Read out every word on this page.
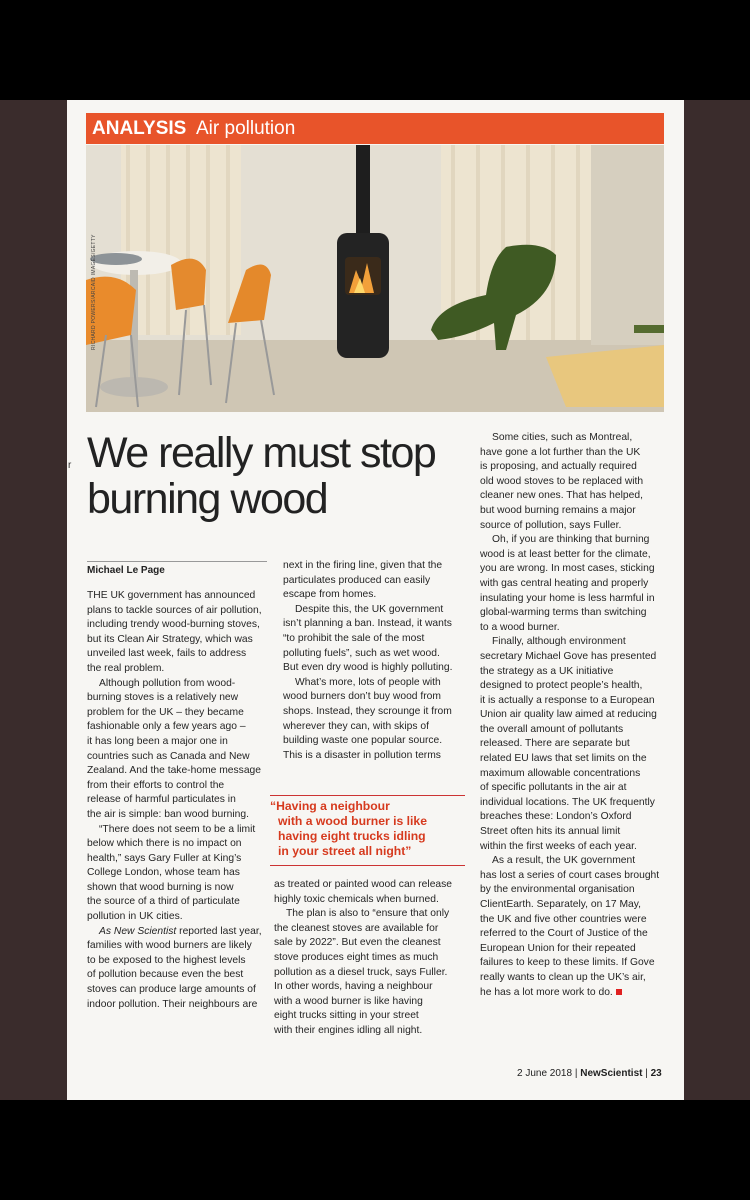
ANALYSIS Air pollution
RICHARD POWERS/ARCAID IMAGES/GETTY
r We really must stop
burning wood

Michael Le Page

THE UK government has announced

plans to tackle sources of air pollution,

including trendy wood-burning stoves,

but its Clean Air Strategy, which was

unveiled last week, fails to address

the real problem.

Although pollution from wood-

burning stoves is a relatively new

problem for the UK – they became

fashionable only a few years ago –

it has long been a major one in

countries such as Canada and New

Zealand. And the take-home message

from their efforts to control the

release of harmful particulates in

the air is simple: ban wood burning.

“There does not seem to be a limit

below which there is no impact on

health,” says Gary Fuller at King’s

College London, whose team has

shown that wood burning is now

the source of a third of particulate

pollution in UK cities.

As New Scientist reported last year,

families with wood burners are likely

to be exposed to the highest levels

of pollution because even the best

stoves can produce large amounts of

indoor pollution. Their neighbours are

next in the firing line, given that the

particulates produced can easily

escape from homes.

Despite this, the UK government

isn’t planning a ban. Instead, it wants

“to prohibit the sale of the most

polluting fuels”, such as wet wood.

But even dry wood is highly polluting.

What’s more, lots of people with

wood burners don’t buy wood from

shops. Instead, they scrounge it from

wherever they can, with skips of

building waste one popular source.

This is a disaster in pollution terms

“Having a neighbour

with a wood burner is like

having eight trucks idling

in your street all night”

as treated or painted wood can release

highly toxic chemicals when burned.

The plan is also to “ensure that only

the cleanest stoves are available for

sale by 2022”. But even the cleanest

stove produces eight times as much

pollution as a diesel truck, says Fuller.

In other words, having a neighbour

with a wood burner is like having

eight trucks sitting in your street

with their engines idling all night.

Some cities, such as Montreal,

have gone a lot further than the UK

is proposing, and actually required

old wood stoves to be replaced with

cleaner new ones. That has helped,

but wood burning remains a major

source of pollution, says Fuller.

Oh, if you are thinking that burning

wood is at least better for the climate,

you are wrong. In most cases, sticking

with gas central heating and properly

insulating your home is less harmful in

global-warming terms than switching

to a wood burner.

Finally, although environment

secretary Michael Gove has presented

the strategy as a UK initiative

designed to protect people’s health,

it is actually a response to a European

Union air quality law aimed at reducing

the overall amount of pollutants

released. There are separate but

related EU laws that set limits on the

maximum allowable concentrations

of specific pollutants in the air at

individual locations. The UK frequently

breaches these: London’s Oxford

Street often hits its annual limit

within the first weeks of each year.

As a result, the UK government

has lost a series of court cases brought

by the environmental organisation

ClientEarth. Separately, on 17 May,

the UK and five other countries were

referred to the Court of Justice of the

European Union for their repeated

failures to keep to these limits. If Gove

really wants to clean up the UK’s air,

he has a lot more work to do.

2 June 2018 | NewScientist | 23
